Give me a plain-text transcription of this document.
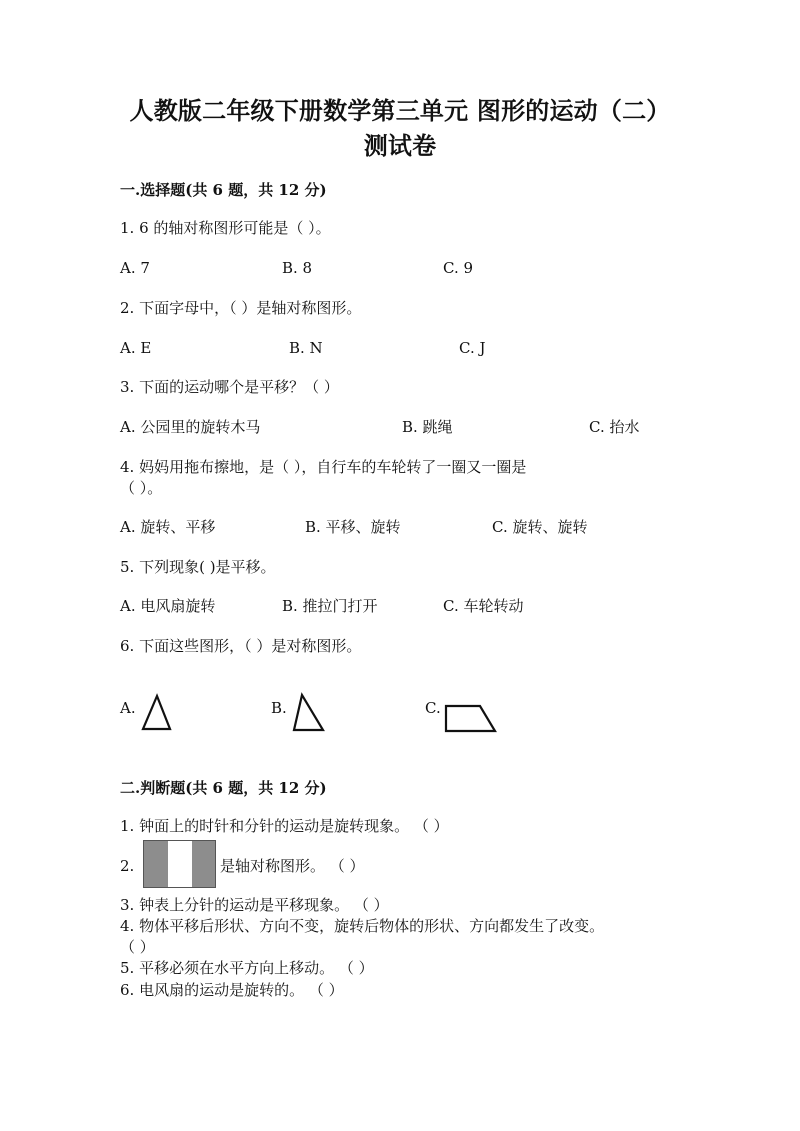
人教版二年级下册数学第三单元 图形的运动（二）
测试卷
一.选择题(共 6 题，共 12 分)
1. 6 的轴对称图形可能是（ ）。
A. 7	B. 8	C. 9
2. 下面字母中，（ ）是轴对称图形。
A. E	B. N	C. J
3. 下面的运动哪个是平移？（ ）
A. 公园里的旋转木马	B. 跳绳	C. 抬水
4. 妈妈用拖布擦地，是（ ），自行车的车轮转了一圈又一圈是
（ ）。
A. 旋转、平移	B. 平移、旋转	C. 旋转、旋转
5. 下列现象( )是平移。
A. 电风扇旋转	B. 推拉门打开	C. 车轮转动
6. 下面这些图形，（ ）是对称图形。
A.	B.	C.
二.判断题(共 6 题，共 12 分)
1. 钟面上的时针和分针的运动是旋转现象。 （ ）
2.	是轴对称图形。 （ ）
3. 钟表上分针的运动是平移现象。 （ ）
4. 物体平移后形状、方向不变，旋转后物体的形状、方向都发生了改变。
（ ）
5. 平移必须在水平方向上移动。 （ ）
6. 电风扇的运动是旋转的。 （ ）
